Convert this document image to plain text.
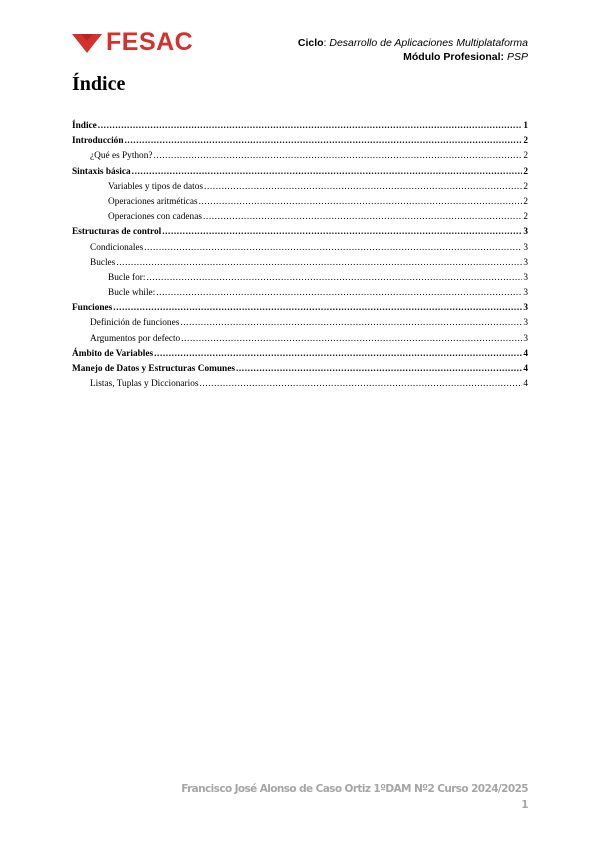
FESAC	Ciclo: Desarrollo de Aplicaciones Multiplataforma
Módulo Profesional: PSP
Índice
Índice .....	1
Introducción .....	2
¿Qué es Python? .....	2
Sintaxis básica .....	2
Variables y tipos de datos .....	2
Operaciones aritméticas .....	2
Operaciones con cadenas .....	2
Estructuras de control .....	3
Condicionales .....	3
Bucles .....	3
Bucle for: .....	3
Bucle while: .....	3
Funciones .....	3
Definición de funciones .....	3
Argumentos por defecto .....	3
Ámbito de Variables .....	4
Manejo de Datos y Estructuras Comunes .....	4
Listas, Tuplas y Diccionarios .....	4
Francisco José Alonso de Caso Ortiz 1ºDAM Nº2 Curso 2024/2025
1
